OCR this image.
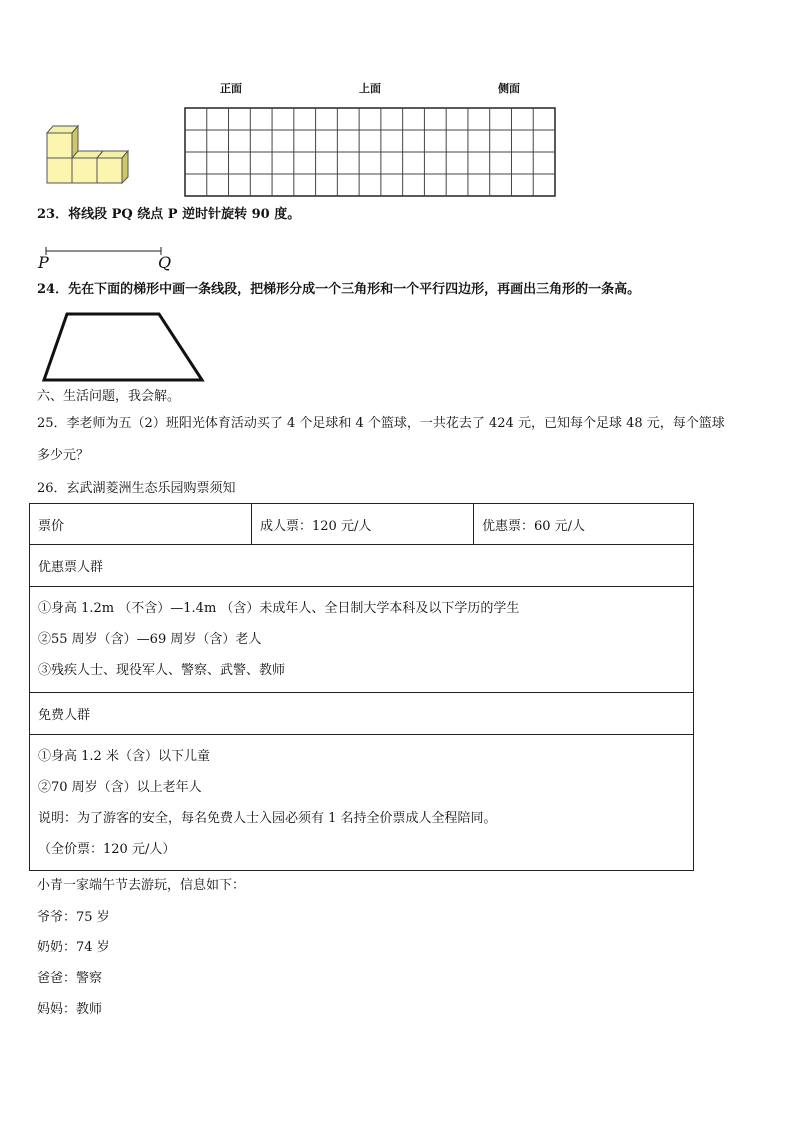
正面	上面	侧面
23．将线段 PQ 绕点 P 逆时针旋转 90 度。
P	Q
24．先在下面的梯形中画一条线段，把梯形分成一个三角形和一个平行四边形，再画出三角形的一条高。
六、生活问题，我会解。
25．李老师为五（2）班阳光体育活动买了 4 个足球和 4 个篮球，一共花去了 424 元，已知每个足球 48 元，每个篮球
多少元？
26．玄武湖菱洲生态乐园购票须知
票价	成人票：120 元/人	优惠票：60 元/人
优惠票人群

①身高 1.2m （不含）—1.4m （含）未成年人、全日制大学本科及以下学历的学生
②55 周岁（含）—69 周岁（含）老人
③残疾人士、现役军人、警察、武警、教师

免费人群

①身高 1.2 米（含）以下儿童
②70 周岁（含）以上老年人
说明：为了游客的安全，每名免费人士入园必须有 1 名持全价票成人全程陪同。
（全价票：120 元/人）
小青一家端午节去游玩，信息如下：
爷爷：75 岁
奶奶：74 岁
爸爸：警察
妈妈：教师
